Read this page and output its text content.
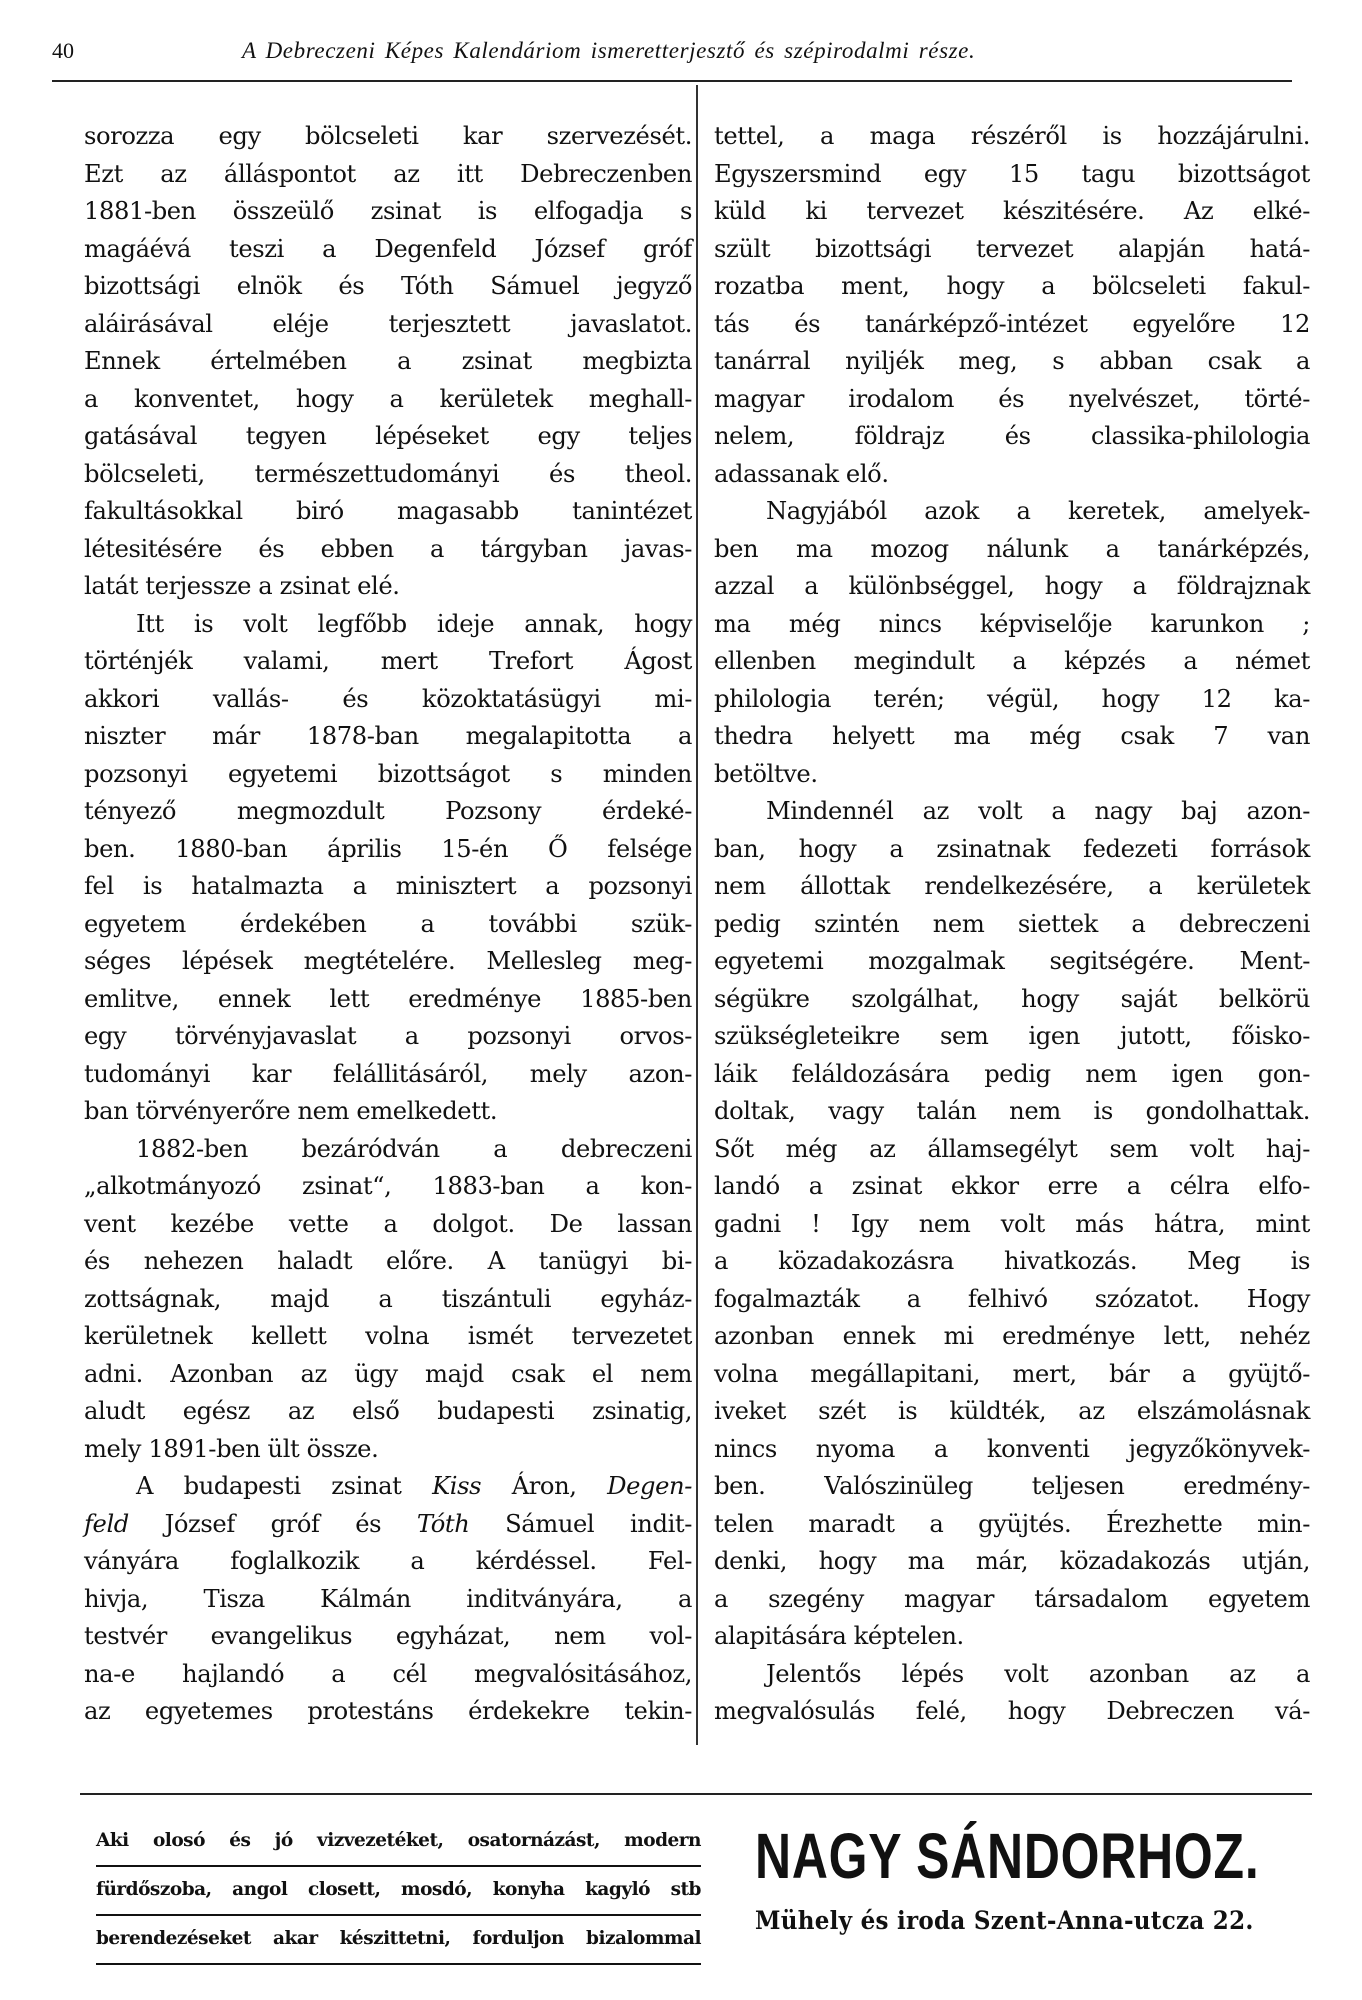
40	A Debreczeni Képes Kalendáriom ismeretterjesztő és szépirodalmi része.
sorozza egy bölcseleti kar szervezését.
Ezt az álláspontot az itt Debreczenben
1881-ben összeülő zsinat is elfogadja s
magáévá teszi a Degenfeld József gróf
bizottsági elnök és Tóth Sámuel jegyző
aláirásával eléje terjesztett javaslatot.
Ennek értelmében a zsinat megbizta
a konventet, hogy a kerületek meghall-
gatásával tegyen lépéseket egy teljes
bölcseleti, természettudományi és theol.
fakultásokkal biró magasabb tanintézet
létesitésére és ebben a tárgyban javas-
latát terjessze a zsinat elé.
Itt is volt legfőbb ideje annak, hogy
történjék valami, mert Trefort Ágost
akkori vallás- és közoktatásügyi mi-
niszter már 1878-ban megalapitotta a
pozsonyi egyetemi bizottságot s minden
tényező megmozdult Pozsony érdeké-
ben. 1880-ban április 15-én Ő felsége
fel is hatalmazta a minisztert a pozsonyi
egyetem érdekében a további szük-
séges lépések megtételére. Mellesleg meg-
emlitve, ennek lett eredménye 1885-ben
egy törvényjavaslat a pozsonyi orvos-
tudományi kar felállitásáról, mely azon-
ban törvényerőre nem emelkedett.
1882-ben bezáródván a debreczeni
„alkotmányozó zsinat“, 1883-ban a kon-
vent kezébe vette a dolgot. De lassan
és nehezen haladt előre. A tanügyi bi-
zottságnak, majd a tiszántuli egyház-
kerületnek kellett volna ismét tervezetet
adni. Azonban az ügy majd csak el nem
aludt egész az első budapesti zsinatig,
mely 1891-ben ült össze.
A budapesti zsinat Kiss Áron, Degen-
feld József gróf és Tóth Sámuel indit-
ványára foglalkozik a kérdéssel. Fel-
hivja, Tisza Kálmán inditványára, a
testvér evangelikus egyházat, nem vol-
na-e hajlandó a cél megvalósitásához,
az egyetemes protestáns érdekekre tekin-
tettel, a maga részéről is hozzájárulni.
Egyszersmind egy 15 tagu bizottságot
küld ki tervezet készitésére. Az elké-
szült bizottsági tervezet alapján hatá-
rozatba ment, hogy a bölcseleti fakul-
tás és tanárképző-intézet egyelőre 12
tanárral nyiljék meg, s abban csak a
magyar irodalom és nyelvészet, törté-
nelem, földrajz és classika-philologia
adassanak elő.
Nagyjából azok a keretek, amelyek-
ben ma mozog nálunk a tanárképzés,
azzal a különbséggel, hogy a földrajznak
ma még nincs képviselője karunkon ;
ellenben megindult a képzés a német
philologia terén; végül, hogy 12 ka-
thedra helyett ma még csak 7 van
betöltve.
Mindennél az volt a nagy baj azon-
ban, hogy a zsinatnak fedezeti források
nem állottak rendelkezésére, a kerületek
pedig szintén nem siettek a debreczeni
egyetemi mozgalmak segitségére. Ment-
ségükre szolgálhat, hogy saját belkörü
szükségleteikre sem igen jutott, főisko-
láik feláldozására pedig nem igen gon-
doltak, vagy talán nem is gondolhattak.
Sőt még az államsegélyt sem volt haj-
landó a zsinat ekkor erre a célra elfo-
gadni ! Igy nem volt más hátra, mint
a közadakozásra hivatkozás. Meg is
fogalmazták a felhivó szózatot. Hogy
azonban ennek mi eredménye lett, nehéz
volna megállapitani, mert, bár a gyüjtő-
iveket szét is küldték, az elszámolásnak
nincs nyoma a konventi jegyzőkönyvek-
ben. Valószinüleg teljesen eredmény-
telen maradt a gyüjtés. Érezhette min-
denki, hogy ma már, közadakozás utján,
a szegény magyar társadalom egyetem
alapitására képtelen.
Jelentős lépés volt azonban az a
megvalósulás felé, hogy Debreczen vá-
Aki olosó és jó vizvezetéket, osatornázást, modern
fürdőszoba, angol closett, mosdó, konyha kagyló stb
berendezéseket akar készittetni, forduljon bizalommal
NAGY SÁNDORHOZ.
Mühely és iroda Szent-Anna-utcza 22.
